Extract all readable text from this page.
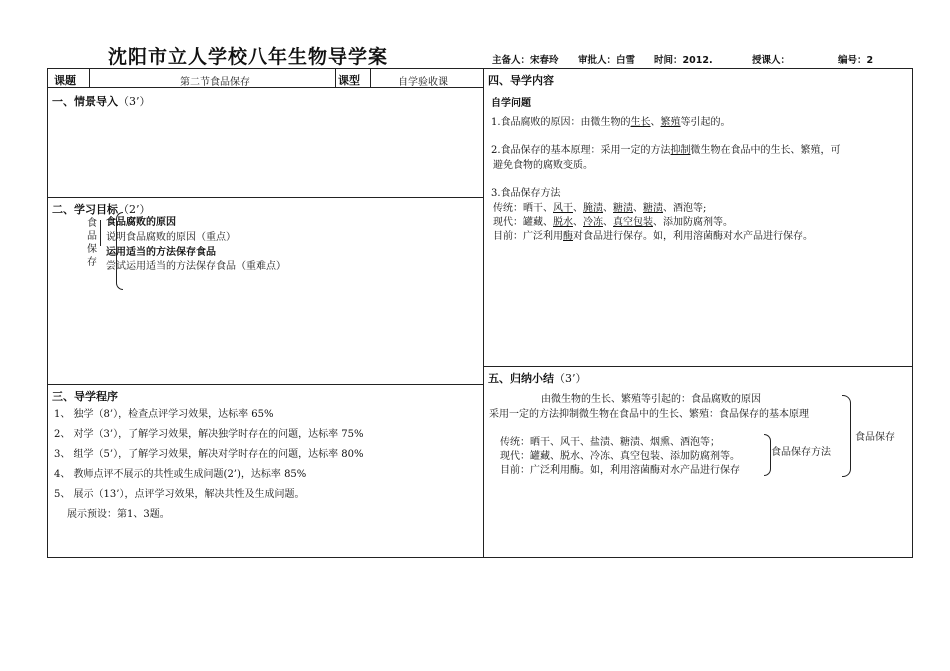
沈阳市立人学校八年生物导学案	主备人：宋春玲 审批人：白雪 时间：2012.	授课人：	编号：2
课题	第二节食品保存	课型	自学验收课
一、情景导入（3’）
二、学习目标（2’）
食品保存
食品腐败的原因
说明食品腐败的原因（重点）
运用适当的方法保存食品
尝试运用适当的方法保存食品（重难点）
三、导学程序
1、 独学（8’），检查点评学习效果，达标率 65%
2、 对学（3’），了解学习效果，解决独学时存在的问题，达标率 75%
3、 组学（5’），了解学习效果，解决对学时存在的问题，达标率 80%
4、 教师点评不展示的共性或生成问题(2’)，达标率 85%
5、 展示（13’），点评学习效果，解决共性及生成问题。
展示预设：第1、3题。
四、导学内容
自学问题
1.食品腐败的原因：由微生物的生长、繁殖等引起的。
2.食品保存的基本原理：采用一定的方法抑制微生物在食品中的生长、繁殖，可
避免食物的腐败变质。
3.食品保存方法
传统：晒干、风干、腌渍、糖渍、糖渍、酒泡等;
现代：罐藏、脱水、冷冻、真空包装、添加防腐剂等。
目前：广泛利用酶对食品进行保存。如，利用溶菌酶对水产品进行保存。
五、归纳小结（3’）
由微生物的生长、繁殖等引起的：食品腐败的原因
采用一定的方法抑制微生物在食品中的生长、繁殖：食品保存的基本原理
传统：晒干、风干、盐渍、糖渍、烟熏、酒泡等；
现代：罐藏、脱水、冷冻、真空包装、添加防腐剂等。
目前：广泛利用酶。如，利用溶菌酶对水产品进行保存
食品保存方法
食品保存
